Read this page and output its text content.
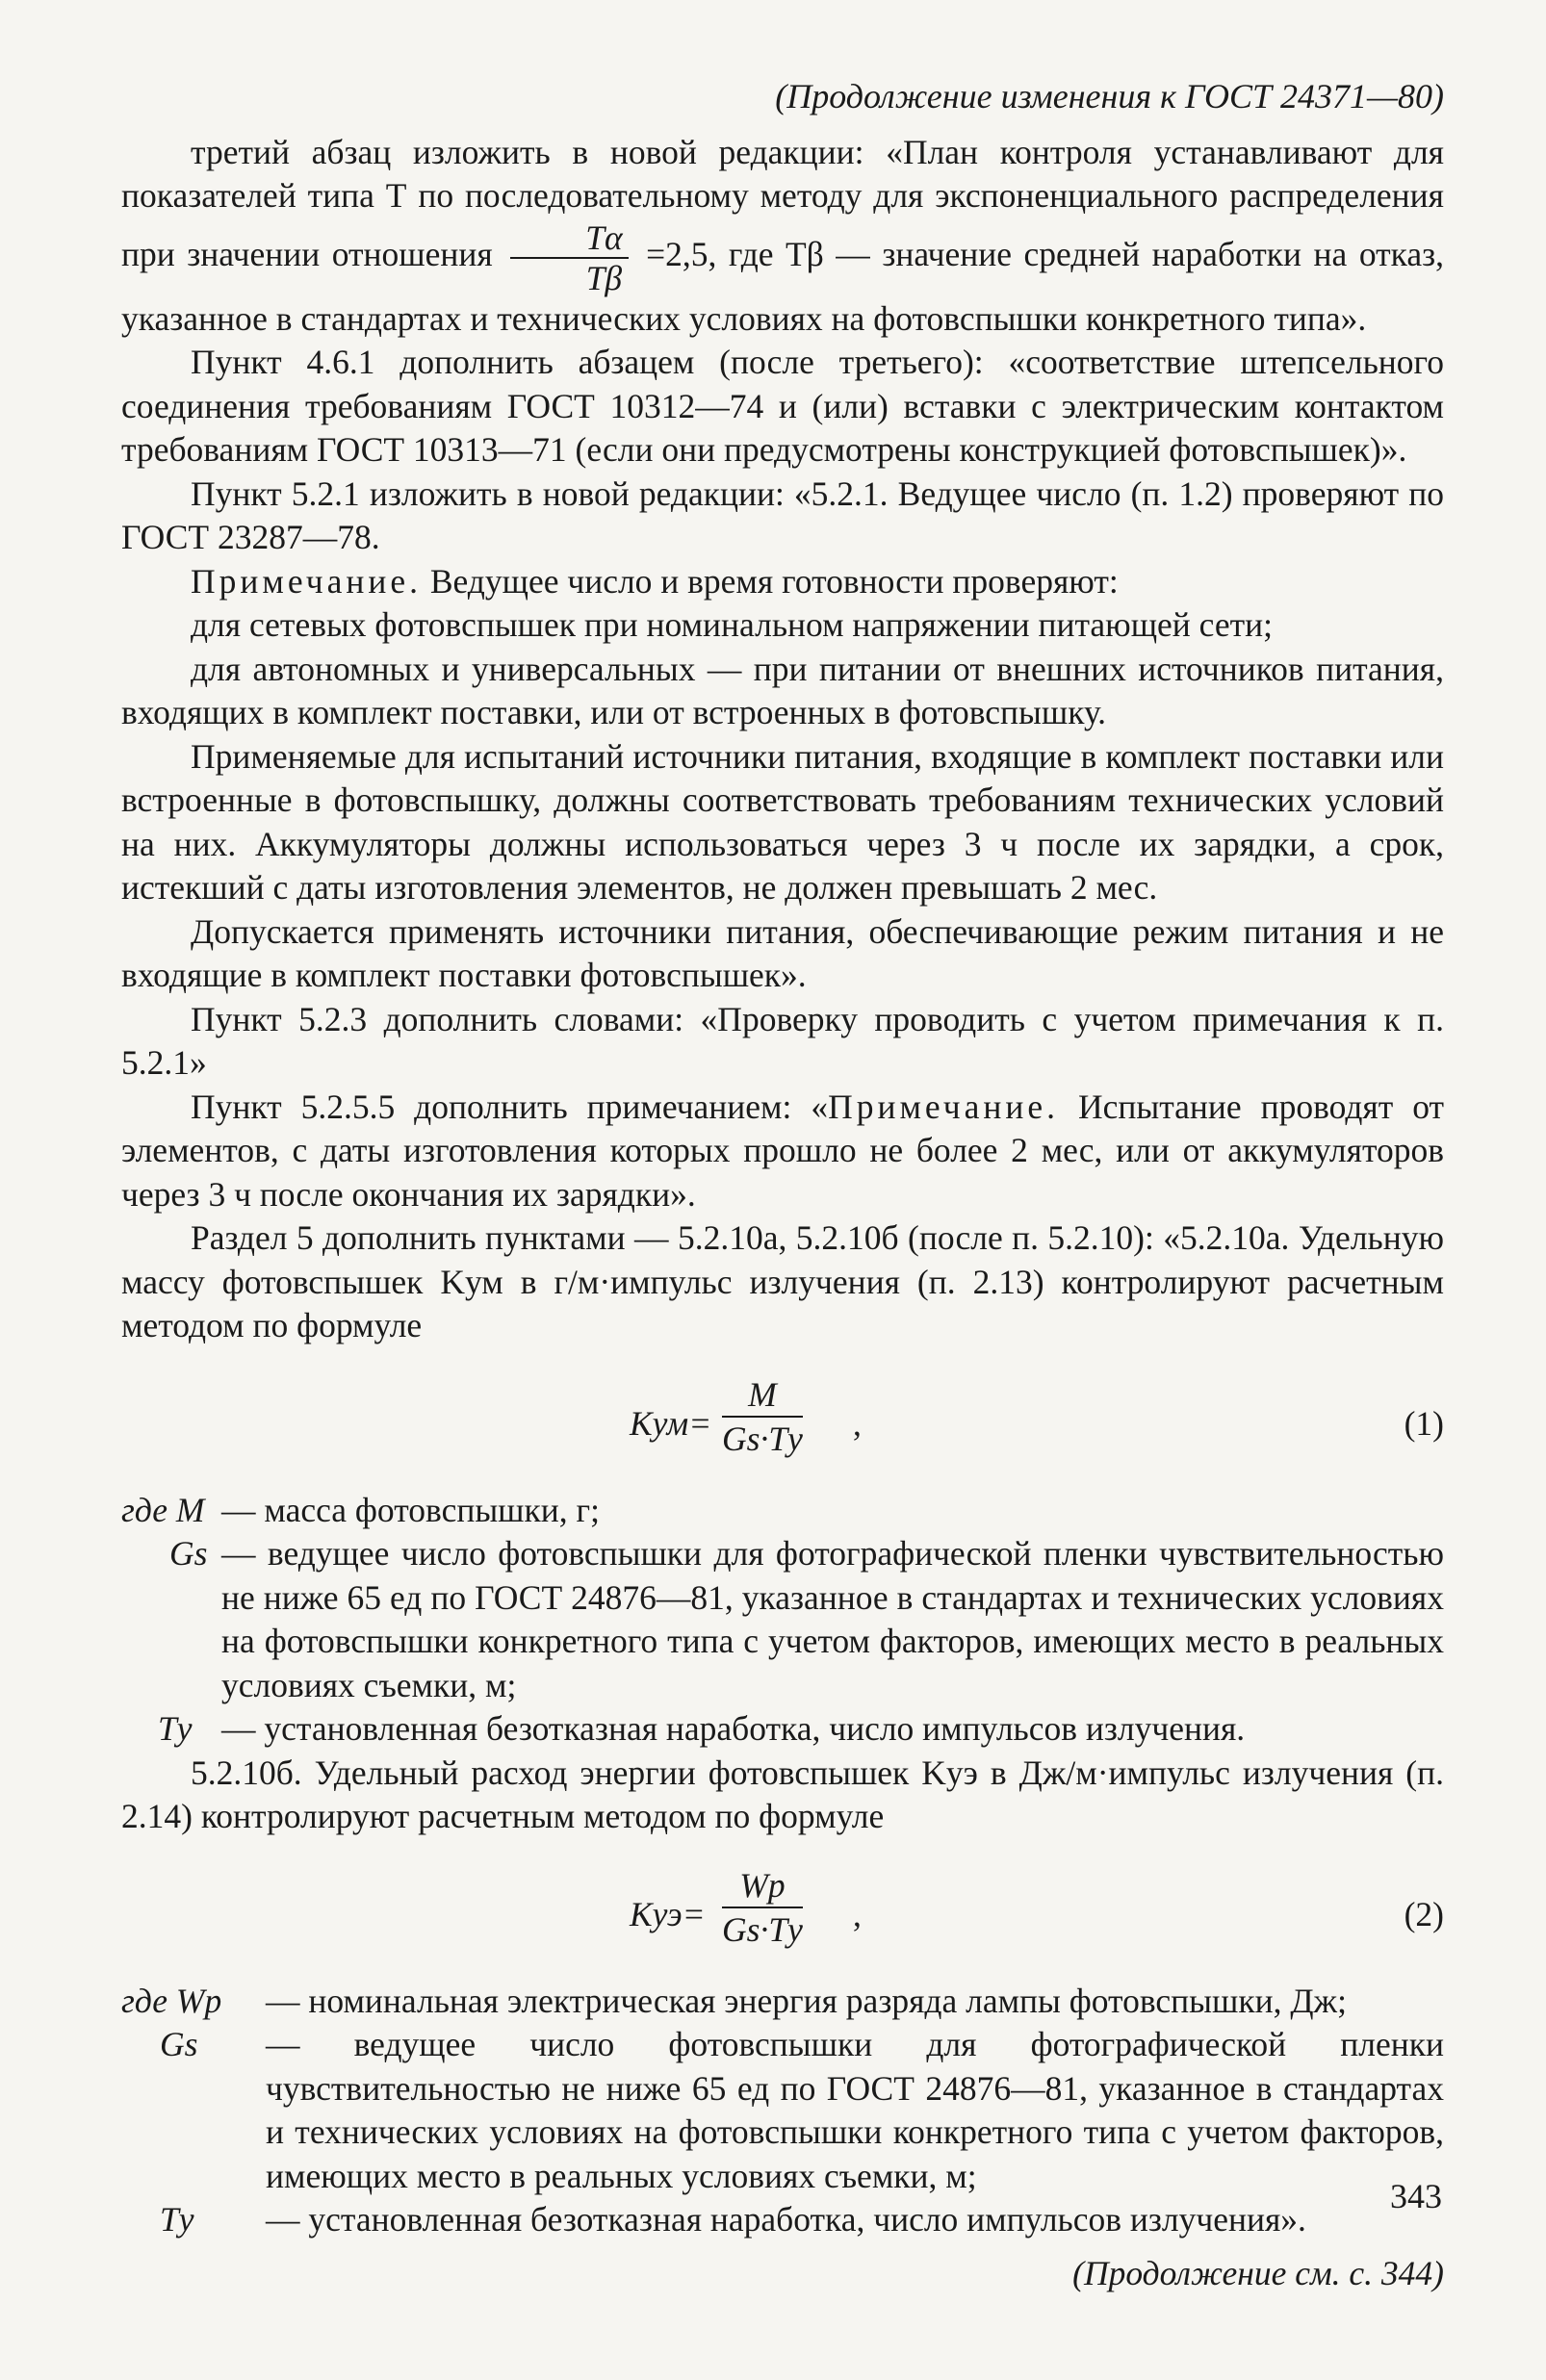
(Продолжение изменения к ГОСТ 24371—80)

третий абзац изложить в новой редакции: «План контроля устанавливают для показателей типа Т по последовательному методу для экспоненциального распределения при значении отношения $\frac{T\alpha}{T\beta} =2,5$, где Tβ — значение средней наработки на отказ, указанное в стандартах и технических условиях на фотовспышки конкретного типа».

Пункт 4.6.1 дополнить абзацем (после третьего): «соответствие штепсельного соединения требованиям ГОСТ 10312—74 и (или) вставки с электрическим контактом требованиям ГОСТ 10313—71 (если они предусмотрены конструкцией фотовспышек)».

Пункт 5.2.1 изложить в новой редакции: «5.2.1. Ведущее число (п. 1.2) проверяют по ГОСТ 23287—78.

Примечание. Ведущее число и время готовности проверяют:

для сетевых фотовспышек при номинальном напряжении питающей сети;

для автономных и универсальных — при питании от внешних источников питания, входящих в комплект поставки, или от встроенных в фотовспышку.

Применяемые для испытаний источники питания, входящие в комплект поставки или встроенные в фотовспышку, должны соответствовать требованиям технических условий на них. Аккумуляторы должны использоваться через 3 ч после их зарядки, а срок, истекший с даты изготовления элементов, не должен превышать 2 мес.

Допускается применять источники питания, обеспечивающие режим питания и не входящие в комплект поставки фотовспышек».

Пункт 5.2.3 дополнить словами: «Проверку проводить с учетом примечания к п. 5.2.1»

Пункт 5.2.5.5 дополнить примечанием: «Примечание. Испытание проводят от элементов, с даты изготовления которых прошло не более 2 мес, или от аккумуляторов через 3 ч после окончания их зарядки».

Раздел 5 дополнить пунктами — 5.2.10а, 5.2.10б (после п. 5.2.10): «5.2.10а. Удельную массу фотовспышек Kум в г/м·импульс излучения (п. 2.13) контролируют расчетным методом по формуле

Kум=
M
Gs·Tу ,	(1)
где M — масса фотовспышки, г;
Gs — ведущее число фотовспышки для фотографической пленки чувствительностью не ниже 65 ед по ГОСТ 24876—81, указанное в стандартах и технических условиях на фотовспышки конкретного типа с учетом факторов, имеющих место в реальных условиях съемки, м;
Tу — установленная безотказная наработка, число импульсов излучения.

5.2.10б. Удельный расход энергии фотовспышек Kуэ в Дж/м·импульс излучения (п. 2.14) контролируют расчетным методом по формуле

Kуэ=
Wр
Gs·Tу ,	(2)
где Wр	— номинальная электрическая энергия разряда лампы фотовспышки, Дж;
Gs	— ведущее число фотовспышки для фотографической пленки чувствительностью не ниже 65 ед по ГОСТ 24876—81, указанное в стандартах и технических условиях на фотовспышки конкретного типа с учетом факторов, имеющих место в реальных условиях съемки, м;
Tу	— установленная безотказная наработка, число импульсов излучения».
(Продолжение см. с. 344)
343
